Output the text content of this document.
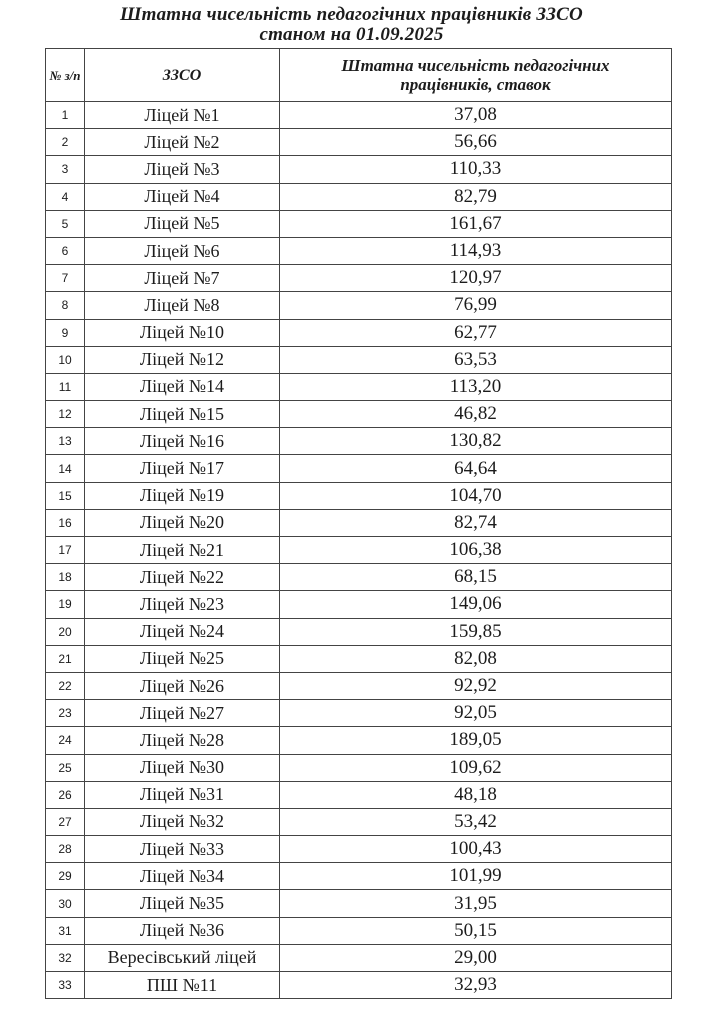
Штатна чисельність педагогічних працівників ЗЗСО
станом на 01.09.2025
№ з/п	ЗЗСО	Штатна чисельність педагогічних працівників, ставок
1	Ліцей №1	37,08
2	Ліцей №2	56,66
3	Ліцей №3	110,33
4	Ліцей №4	82,79
5	Ліцей №5	161,67
6	Ліцей №6	114,93
7	Ліцей №7	120,97
8	Ліцей №8	76,99
9	Ліцей №10	62,77
10	Ліцей №12	63,53
11	Ліцей №14	113,20
12	Ліцей №15	46,82
13	Ліцей №16	130,82
14	Ліцей №17	64,64
15	Ліцей №19	104,70
16	Ліцей №20	82,74
17	Ліцей №21	106,38
18	Ліцей №22	68,15
19	Ліцей №23	149,06
20	Ліцей №24	159,85
21	Ліцей №25	82,08
22	Ліцей №26	92,92
23	Ліцей №27	92,05
24	Ліцей №28	189,05
25	Ліцей №30	109,62
26	Ліцей №31	48,18
27	Ліцей №32	53,42
28	Ліцей №33	100,43
29	Ліцей №34	101,99
30	Ліцей №35	31,95
31	Ліцей №36	50,15
32	Вересівський ліцей	29,00
33	ПШ №11	32,93
